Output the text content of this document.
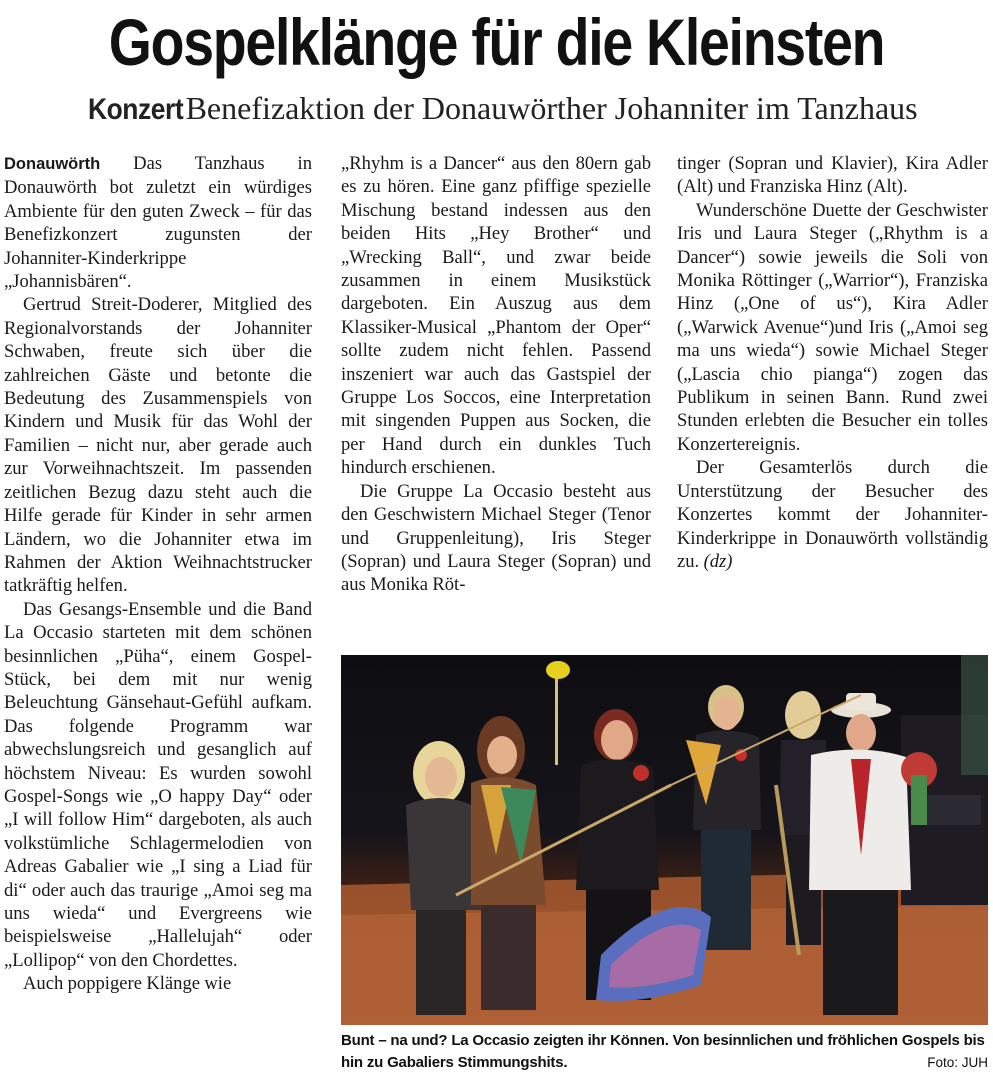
Gospelklänge für die Kleinsten
Konzert Benefizaktion der Donauwörther Johanniter im Tanzhaus

Donauwörth Das Tanzhaus in Donauwörth bot zuletzt ein würdiges Ambiente für den guten Zweck – für das Benefizkonzert zugunsten der Johanniter-Kinderkrippe „Johannisbären“.

Gertrud Streit-Doderer, Mitglied des Regionalvorstands der Johanniter Schwaben, freute sich über die zahlreichen Gäste und betonte die Bedeutung des Zusammenspiels von Kindern und Musik für das Wohl der Familien – nicht nur, aber gerade auch zur Vorweihnachtszeit. Im passenden zeitlichen Bezug dazu steht auch die Hilfe gerade für Kinder in sehr armen Ländern, wo die Johanniter etwa im Rahmen der Aktion Weihnachtstrucker tatkräftig helfen.

Das Gesangs-Ensemble und die Band La Occasio starteten mit dem schönen besinnlichen „Püha“, einem Gospel-Stück, bei dem mit nur wenig Beleuchtung Gänsehaut-Gefühl aufkam. Das folgende Programm war abwechslungsreich und gesanglich auf höchstem Niveau: Es wurden sowohl Gospel-Songs wie „O happy Day“ oder „I will follow Him“ dargeboten, als auch volkstümliche Schlagermelodien von Adreas Gabalier wie „I sing a Liad für di“ oder auch das traurige „Amoi seg ma uns wieda“ und Evergreens wie beispielsweise „Hallelujah“ oder „Lollipop“ von den Chordettes.

Auch poppigere Klänge wie

„Rhyhm is a Dancer“ aus den 80ern gab es zu hören. Eine ganz pfiffige spezielle Mischung bestand indessen aus den beiden Hits „Hey Brother“ und „Wrecking Ball“, und zwar beide zusammen in einem Musikstück dargeboten. Ein Auszug aus dem Klassiker-Musical „Phantom der Oper“ sollte zudem nicht fehlen. Passend inszeniert war auch das Gastspiel der Gruppe Los Soccos, eine Interpretation mit singenden Puppen aus Socken, die per Hand durch ein dunkles Tuch hindurch erschienen.

Die Gruppe La Occasio besteht aus den Geschwistern Michael Steger (Tenor und Gruppenleitung), Iris Steger (Sopran) und Laura Steger (Sopran) und aus Monika Röt-

tinger (Sopran und Klavier), Kira Adler (Alt) und Franziska Hinz (Alt).

Wunderschöne Duette der Geschwister Iris und Laura Steger („Rhythm is a Dancer“) sowie jeweils die Soli von Monika Röttinger („Warrior“), Franziska Hinz („One of us“), Kira Adler („Warwick Avenue“)und Iris („Amoi seg ma uns wieda“) sowie Michael Steger („Lascia chio pianga“) zogen das Publikum in seinen Bann. Rund zwei Stunden erlebten die Besucher ein tolles Konzertereignis.

Der Gesamterlös durch die Unterstützung der Besucher des Konzertes kommt der Johanniter-Kinderkrippe in Donauwörth vollständig zu. (dz)

Bunt – na und? La Occasio zeigten ihr Können. Von besinnlichen und fröhlichen Gospels bis hin zu Gabaliers Stimmungshits.	Foto: JUH
